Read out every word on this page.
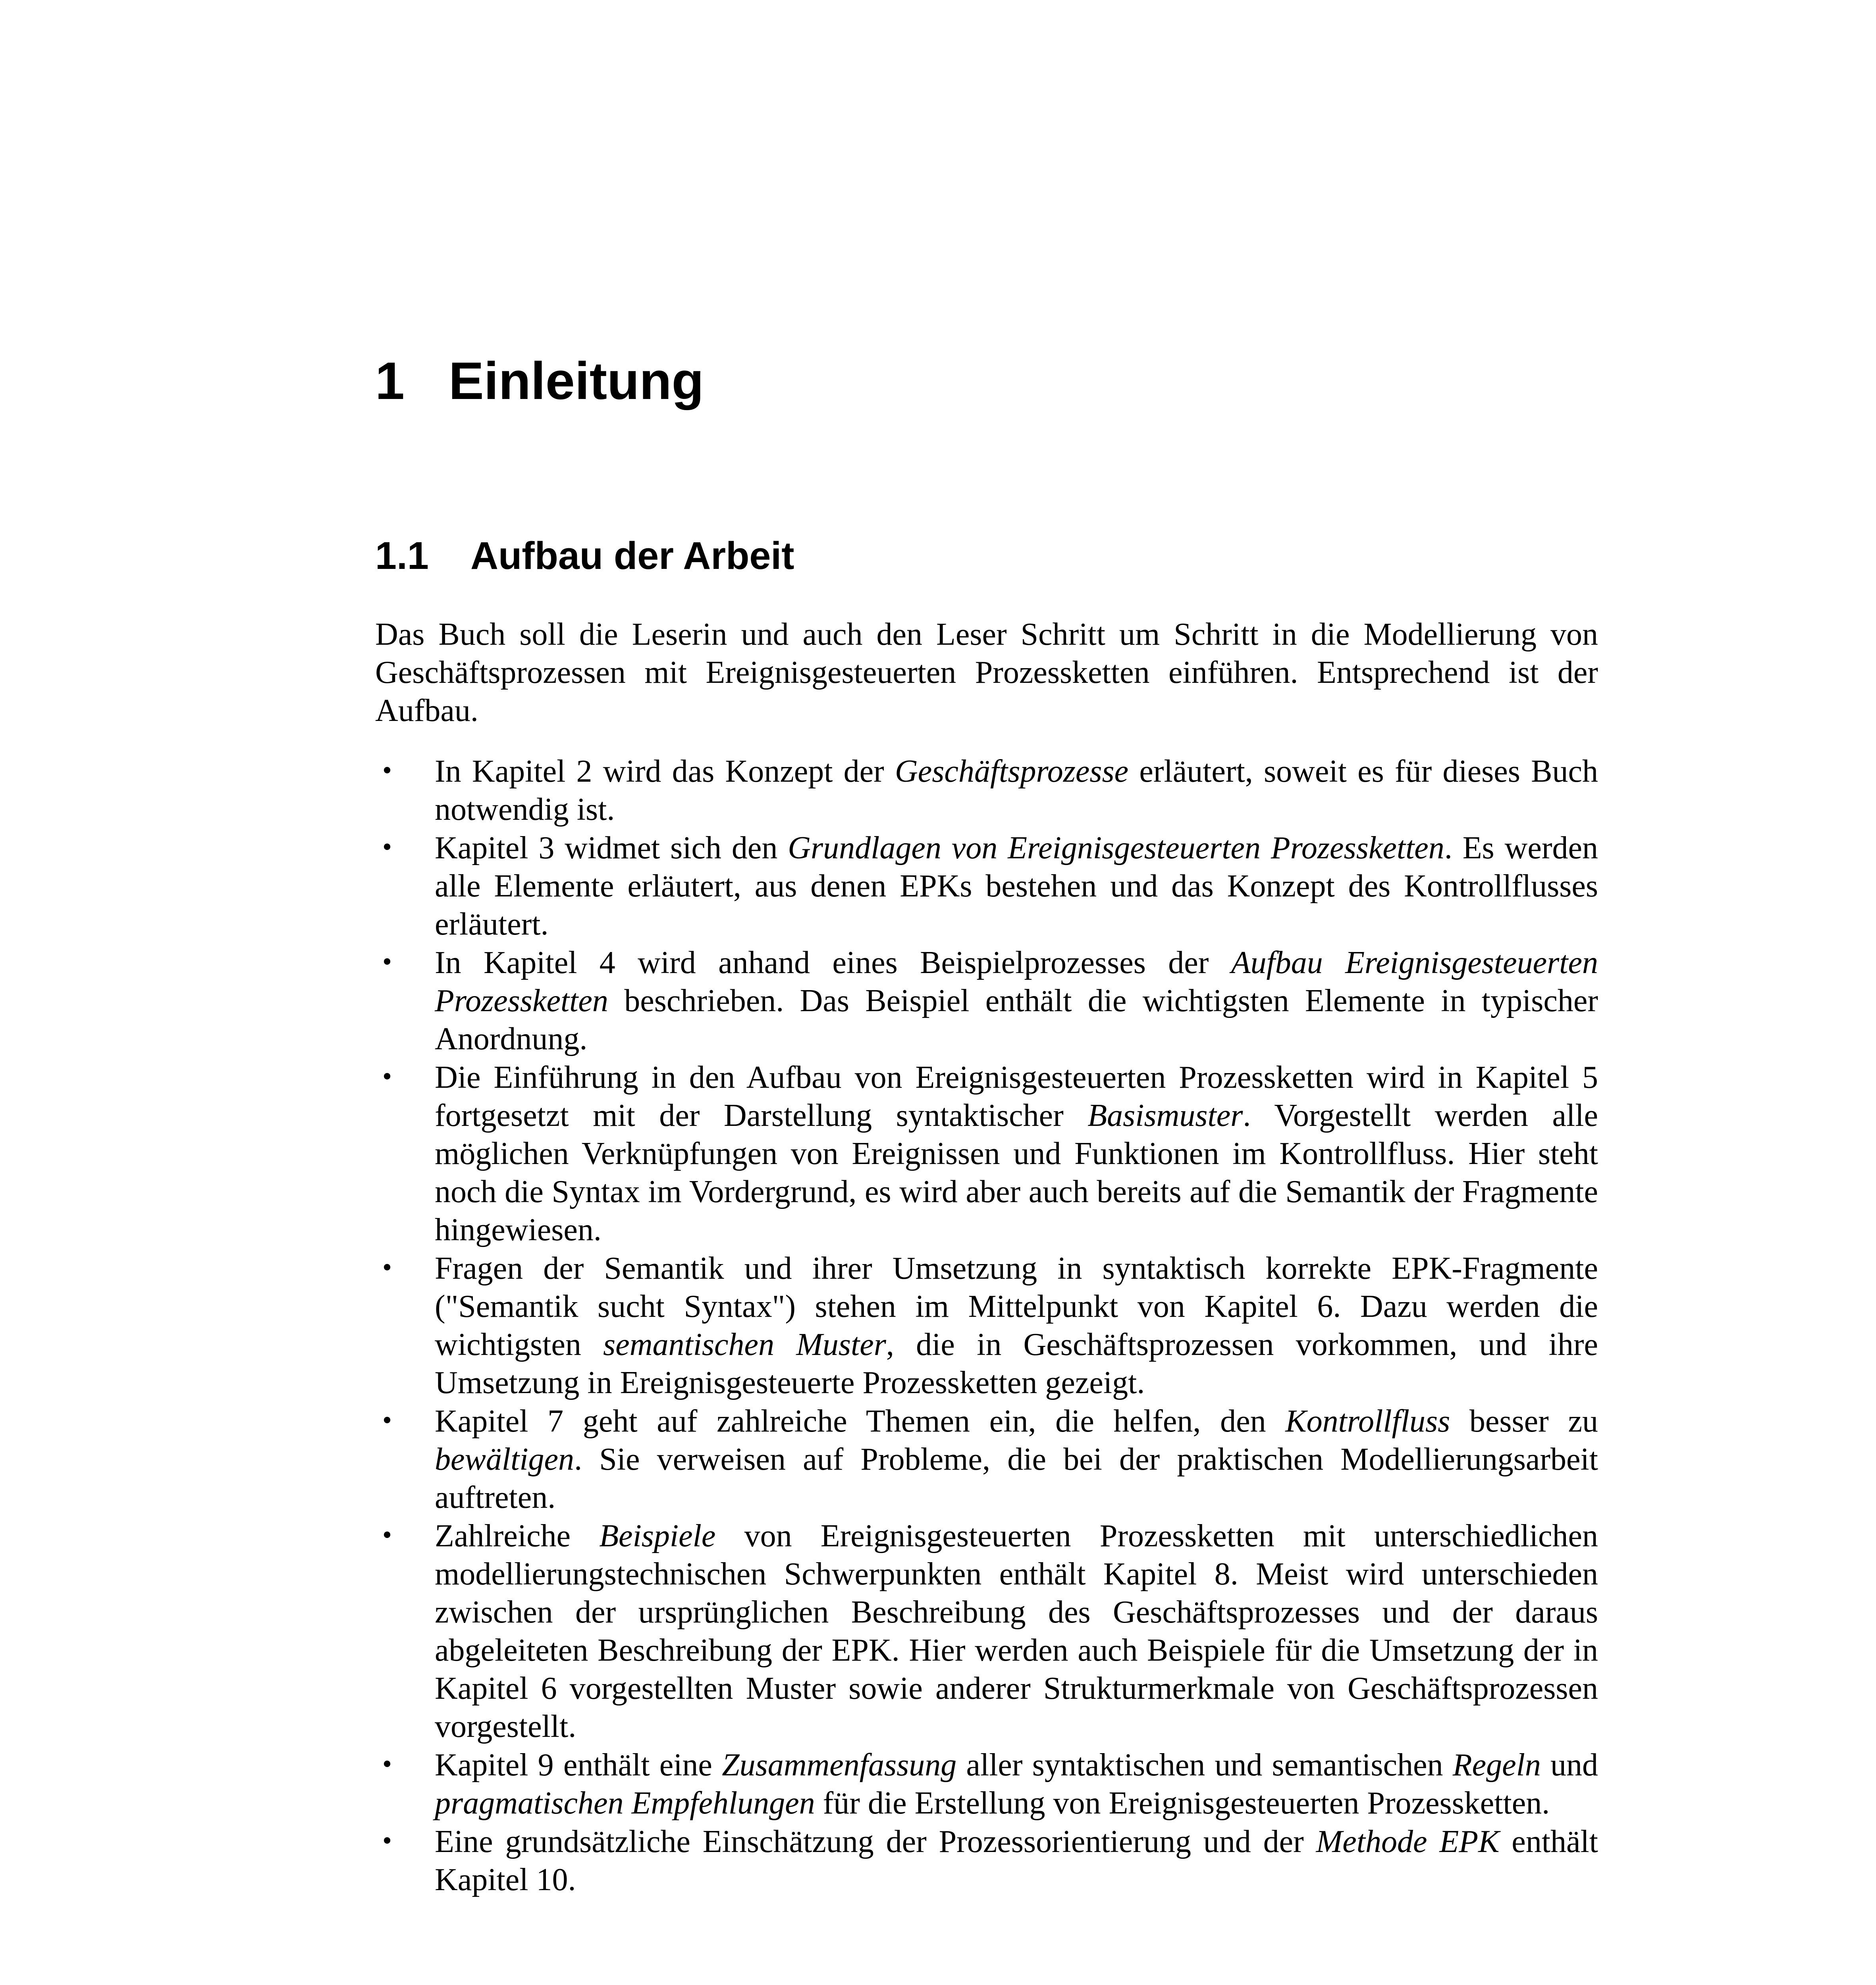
1 Einleitung
1.1 Aufbau der Arbeit

Das Buch soll die Leserin und auch den Leser Schritt um Schritt in die Modellierung von Geschäftsprozessen mit Ereignisgesteuerten Prozessketten einführen. Entsprechend ist der Aufbau.

• In Kapitel 2 wird das Konzept der Geschäftsprozesse erläutert, soweit es für dieses Buch notwendig ist.
• Kapitel 3 widmet sich den Grundlagen von Ereignisgesteuerten Prozessketten. Es werden alle Elemente erläutert, aus denen EPKs bestehen und das Konzept des Kontrollflusses erläutert.
• In Kapitel 4 wird anhand eines Beispielprozesses der Aufbau Ereignisgesteuerten Prozessketten beschrieben. Das Beispiel enthält die wichtigsten Elemente in typischer Anordnung.
• Die Einführung in den Aufbau von Ereignisgesteuerten Prozessketten wird in Kapitel 5 fortgesetzt mit der Darstellung syntaktischer Basismuster. Vorgestellt werden alle möglichen Verknüpfungen von Ereignissen und Funktionen im Kontrollfluss. Hier steht noch die Syntax im Vordergrund, es wird aber auch bereits auf die Semantik der Fragmente hingewiesen.
• Fragen der Semantik und ihrer Umsetzung in syntaktisch korrekte EPK-Fragmente ("Semantik sucht Syntax") stehen im Mittelpunkt von Kapitel 6. Dazu werden die wichtigsten semantischen Muster, die in Geschäftsprozessen vorkommen, und ihre Umsetzung in Ereignisgesteuerte Prozessketten gezeigt.
• Kapitel 7 geht auf zahlreiche Themen ein, die helfen, den Kontrollfluss besser zu bewältigen. Sie verweisen auf Probleme, die bei der praktischen Modellierungsarbeit auftreten.
• Zahlreiche Beispiele von Ereignisgesteuerten Prozessketten mit unterschiedlichen modellierungstechnischen Schwerpunkten enthält Kapitel 8. Meist wird unterschieden zwischen der ursprünglichen Beschreibung des Geschäftsprozesses und der daraus abgeleiteten Beschreibung der EPK. Hier werden auch Beispiele für die Umsetzung der in Kapitel 6 vorgestellten Muster sowie anderer Strukturmerkmale von Geschäftsprozessen vorgestellt.
• Kapitel 9 enthält eine Zusammenfassung aller syntaktischen und semantischen Regeln und pragmatischen Empfehlungen für die Erstellung von Ereignisgesteuerten Prozessketten.
• Eine grundsätzliche Einschätzung der Prozessorientierung und der Methode EPK enthält Kapitel 10.
